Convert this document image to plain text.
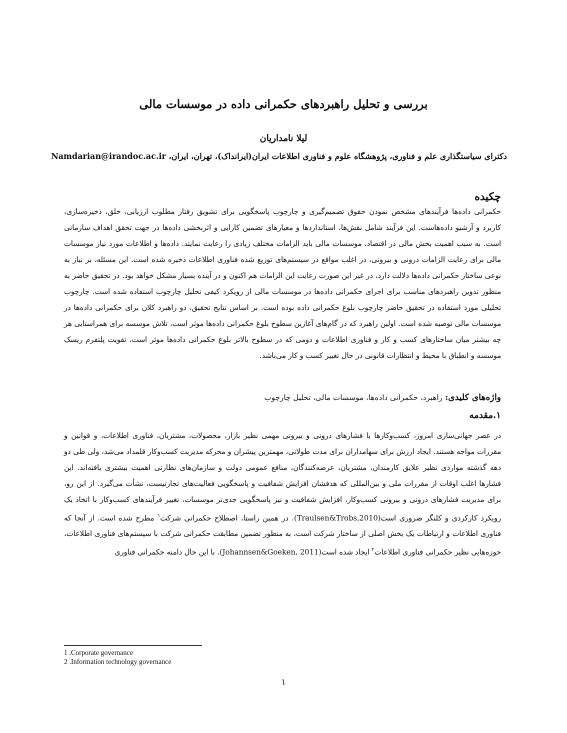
بررسی و تحلیل راهبردهای حکمرانی داده در موسسات مالی
لیلا نامداریان
دکترای سیاستگذاری علم و فناوری، پژوهشگاه علوم و فناوری اطلاعات ایران(ایرانداک)، تهران، ایران، Namdarian@irandoc.ac.ir
چکیده
حکمرانی داده‌ها فرآیندهای مشخص نمودن حقوق تصمیم‌گیری و چارچوب پاسخگویی برای تشویق رفتار مطلوب ارزیابی، خلق، ذخیره‌سازی، کاربرد و آرشیو داده‌هاست. این فرآیند شامل نقش‌ها، استانداردها و معیارهای تضمین کارایی و اثربخشی داده‌ها در جهت تحقق اهداف سازمانی است. به سبب اهمیت بخش مالی در اقتصاد، موسسات مالی باید الزامات مختلف زیادی را رعایت نمایند. داده‌ها و اطلاعات مورد نیاز موسسات مالی برای رعایت الزامات درونی و بیرونی، در اغلب مواقع در سیستم‌های توزیع شده فناوری اطلاعات ذخیره شده است. این مسئله، بر نیاز به نوعی ساختار حکمرانی داده‌ها دلالت دارد، در غیر این صورت رعایت این الزامات هم اکنون و در آینده بسیار مشکل خواهد بود. در تحقیق حاضر به منظور تدوین راهبردهای مناسب برای اجرای حکمرانی داده‌ها در موسسات مالی از رویکرد کیفی تحلیل چارچوب استفاده شده است. چارچوب تحلیلی مورد استفاده در تحقیق حاضر چارچوب بلوغ حکمرانی داده بوده است. بر اساس نتایج تحقیق، دو راهبرد کلان برای حکمرانی داده‌ها در موسسات مالی توصیه شده است. اولین راهبرد که در گام‌های آغازین سطوح بلوغ حکمرانی داده‌ها موثر است، تلاش موسسه برای همراستایی هر چه بیشتر میان ساختارهای کسب و کار و فناوری اطلاعات و دومی که در سطوح بالاتر بلوغ حکمرانی داده‌ها موثر است، تقویت پلتفرم ریسک موسسه و انطباق با محیط و انتظارات قانونی در حال تغییر کسب و کار می‌باشد.
واژه‌های کلیدی: راهبرد، حکمرانی داده‌ها، موسسات مالی، تحلیل چارچوب
۱.مقدمه
در عصر جهانی‌سازی امروز، کسب‌وکارها با فشارهای درونی و بیرونی مهمی نظیر بازار، محصولات، مشتریان، فناوری اطلاعات، و قوانین و مقررات مواجه هستند. ایجاد ارزش برای سهامداران برای مدت طولانی، مهمترین پیشران و محرکه مدیریت کسب‌وکار قلمداد می‌شد، ولی طی دو دهه گذشته مواردی نظیر علایق کارمندان، مشتریان، عرضه‌کنندگان، منافع عمومی دولت و سازمان‌های نظارتی اهمیت بیشتری یافته‌اند. این فشارها اغلب اوقات از مقررات ملی و بین‌المللی که هدفشان افزایش شفافیت و پاسخگویی فعالیت‌های تجارتیست، نشأت می‌گیرد. از این رو، برای مدیریت فشارهای درونی و بیرونی کسب‌وکار، افزایش شفافیت و نیز پاسخگویی جدی‌تر موسسات، تغییر فرآیندهای کسب‌وکار با اتخاذ یک رویکرد کارکردی و کلنگر ضروری است(Traulsen&Trobs,2010). در همین راستا، اصطلاح حکمرانی شرکت$^۱$ مطرح شده است. از آنجا که فناوری اطلاعات و ارتباطات یک بخش اصلی از ساختار شرکت است، به منظور تضمین مطابقت حکمرانی شرکت با سیستم‌های فناوری اطلاعات، حوزه‌هایی نظیر حکمرانی فناوری اطلاعات$^۲$ ایجاد شده است(Johannsen&Goeken, 2011). با این حال دامنه حکمرانی فناوری
1 .Corporate governance
2 .Information technology governance
۱
